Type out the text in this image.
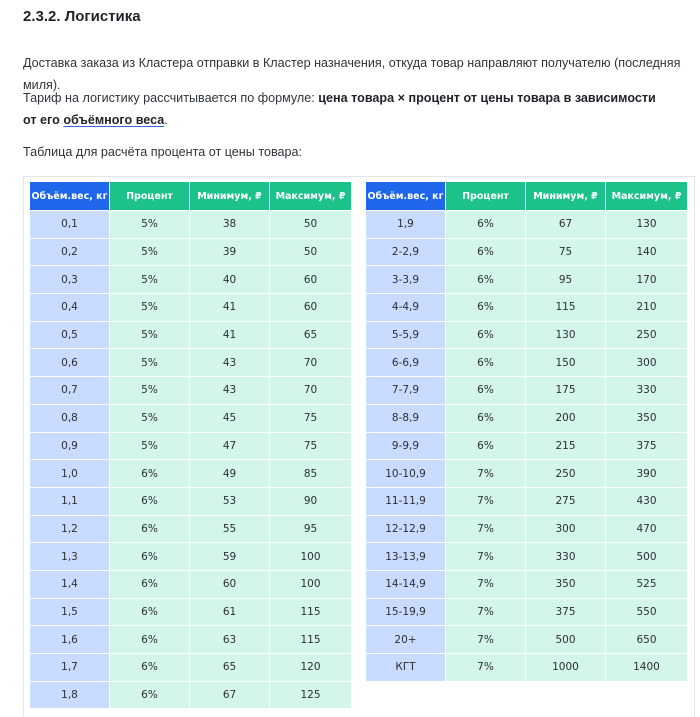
2.3.2. Логистика
Доставка заказа из Кластера отправки в Кластер назначения, откуда товар направляют получателю (последняя миля).
Тариф на логистику рассчитывается по формуле: цена товара × процент от цены товара в зависимости от его объёмного веса.
Таблица для расчёта процента от цены товара:
Объём.вес, кг	Процент	Минимум, ₽	Максимум, ₽
0,1	5%	38	50
0,2	5%	39	50
0,3	5%	40	60
0,4	5%	41	60
0,5	5%	41	65
0,6	5%	43	70
0,7	5%	43	70
0,8	5%	45	75
0,9	5%	47	75
1,0	6%	49	85
1,1	6%	53	90
1,2	6%	55	95
1,3	6%	59	100
1,4	6%	60	100
1,5	6%	61	115
1,6	6%	63	115
1,7	6%	65	120
1,8	6%	67	125
Объём.вес, кг	Процент	Минимум, ₽	Максимум, ₽
1,9	6%	67	130
2-2,9	6%	75	140
3-3,9	6%	95	170
4-4,9	6%	115	210
5-5,9	6%	130	250
6-6,9	6%	150	300
7-7,9	6%	175	330
8-8,9	6%	200	350
9-9,9	6%	215	375
10-10,9	7%	250	390
11-11,9	7%	275	430
12-12,9	7%	300	470
13-13,9	7%	330	500
14-14,9	7%	350	525
15-19,9	7%	375	550
20+	7%	500	650
КГТ	7%	1000	1400
